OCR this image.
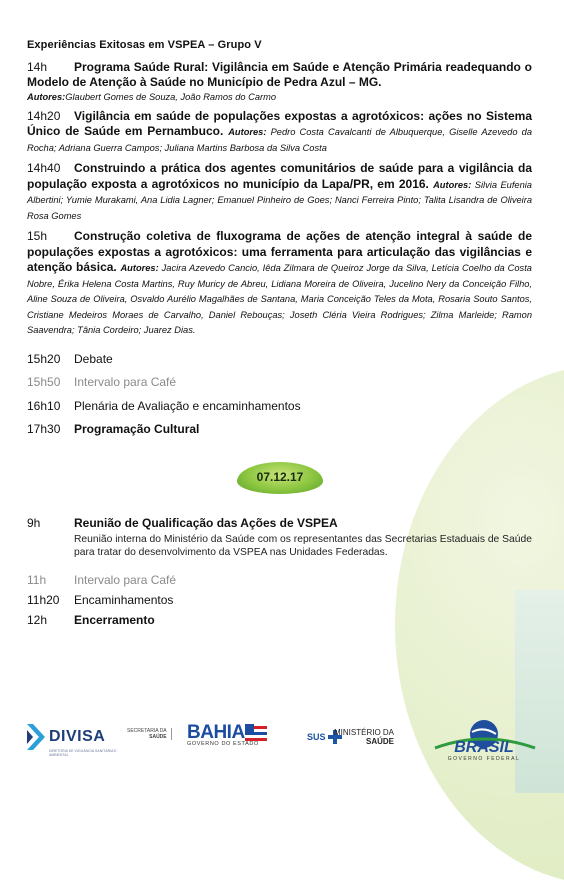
Experiências Exitosas em VSPEA – Grupo V
14h Programa Saúde Rural: Vigilância em Saúde e Atenção Primária readequando o Modelo de Atenção à Saúde no Município de Pedra Azul – MG.
Autores:Glaubert Gomes de Souza, João Ramos do Carmo
14h20 Vigilância em saúde de populações expostas a agrotóxicos: ações no Sistema Único de Saúde em Pernambuco. Autores: Pedro Costa Cavalcanti de Albuquerque, Giselle Azevedo da Rocha; Adriana Guerra Campos; Juliana Martins Barbosa da Silva Costa
14h40 Construindo a prática dos agentes comunitários de saúde para a vigilância da população exposta a agrotóxicos no município da Lapa/PR, em 2016. Autores: Silvia Eufenia Albertini; Yumie Murakami, Ana Lidia Lagner; Emanuel Pinheiro de Goes; Nanci Ferreira Pinto; Talita Lisandra de Oliveira Rosa Gomes
15h Construção coletiva de fluxograma de ações de atenção integral à saúde de populações expostas a agrotóxicos: uma ferramenta para articulação das vigilâncias e atenção básica. Autores: Jacira Azevedo Cancio, Iêda Zilmara de Queiroz Jorge da Silva, Letícia Coelho da Costa Nobre, Érika Helena Costa Martins, Ruy Muricy de Abreu, Lidiana Moreira de Oliveira, Jucelino Nery da Conceição Filho, Aline Souza de Oliveira, Osvaldo Aurélio Magalhães de Santana, Maria Conceição Teles da Mota, Rosaria Souto Santos, Cristiane Medeiros Moraes de Carvalho, Daniel Rebouças; Joseth Cléria Vieira Rodrigues; Zilma Marleide; Ramon Saavendra; Tânia Cordeiro; Juarez Dias.
15h20	Debate
15h50	Intervalo para Café
16h10	Plenária de Avaliação e encaminhamentos
17h30	Programação Cultural
07.12.17
9h	Reunião de Qualificação das Ações de VSPEA
Reunião interna do Ministério da Saúde com os representantes das Secretarias Estaduais de Saúde para tratar do desenvolvimento da VSPEA nas Unidades Federadas.
11h	Intervalo para Café
11h20	Encaminhamentos
12h	Encerramento
DIVISA
DIRETORIA DE VIGILÂNCIA SANITÁRIA E AMBIENTAL
SECRETARIA DA
SAÚDE BAHIA
GOVERNO DO ESTADO
SUS MINISTÉRIO DA
SAÚDE	BRASIL
GOVERNO FEDERAL
